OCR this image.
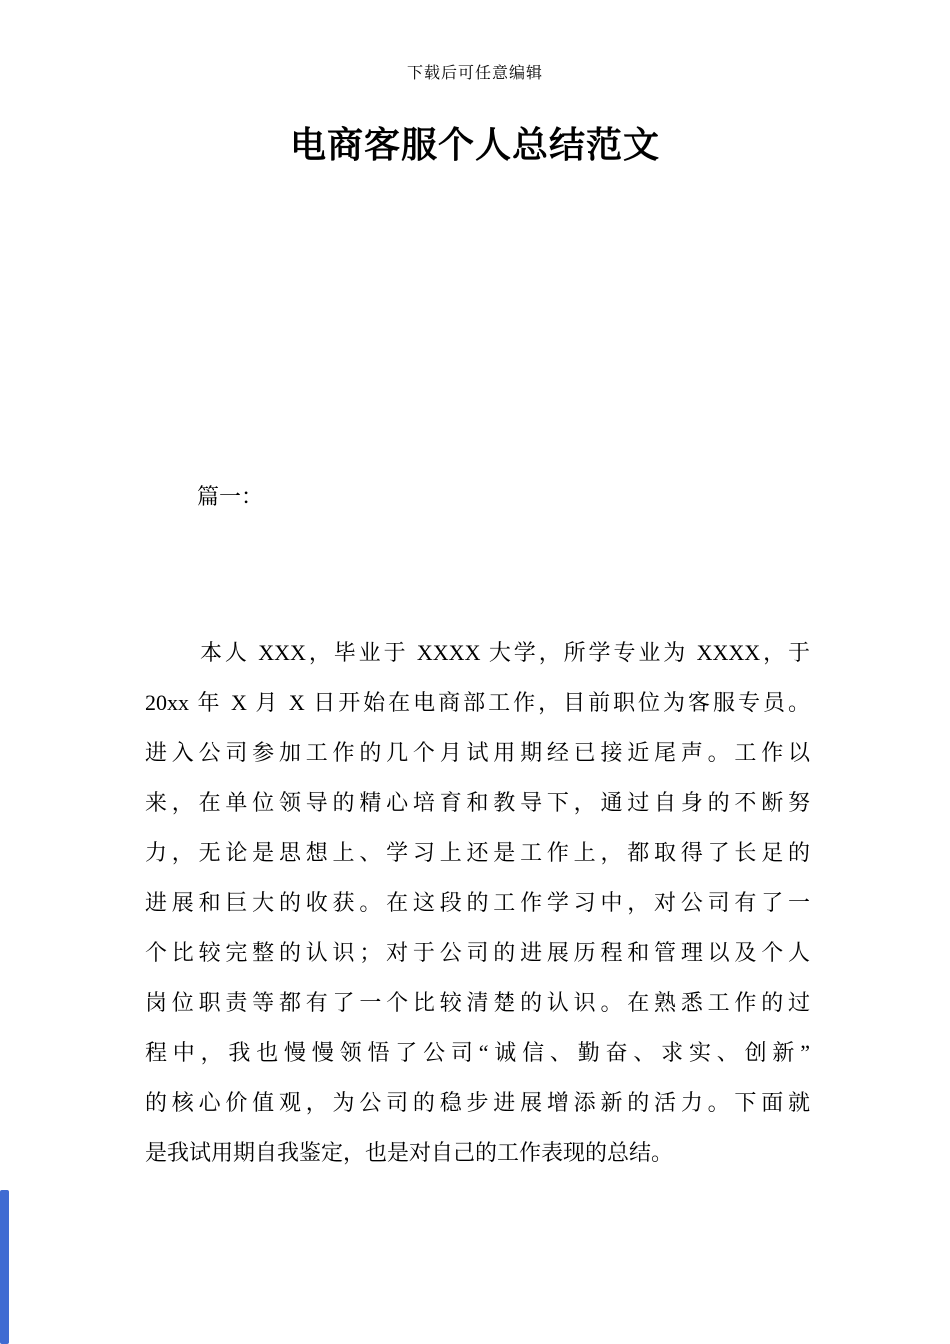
下载后可任意编辑
电商客服个人总结范文
篇一：
本人 XXX，毕业于 XXXX 大学，所学专业为 XXXX，于
20xx 年 X 月 X 日开始在电商部工作，目前职位为客服专员。
进入公司参加工作的几个月试用期经已接近尾声。工作以
来，在单位领导的精心培育和教导下，通过自身的不断努
力，无论是思想上、学习上还是工作上，都取得了长足的
进展和巨大的收获。在这段的工作学习中，对公司有了一
个比较完整的认识；对于公司的进展历程和管理以及个人
岗位职责等都有了一个比较清楚的认识。在熟悉工作的过
程中，我也慢慢领悟了公司“诚信、勤奋、求实、创新”
的核心价值观，为公司的稳步进展增添新的活力。下面就
是我试用期自我鉴定，也是对自己的工作表现的总结。
